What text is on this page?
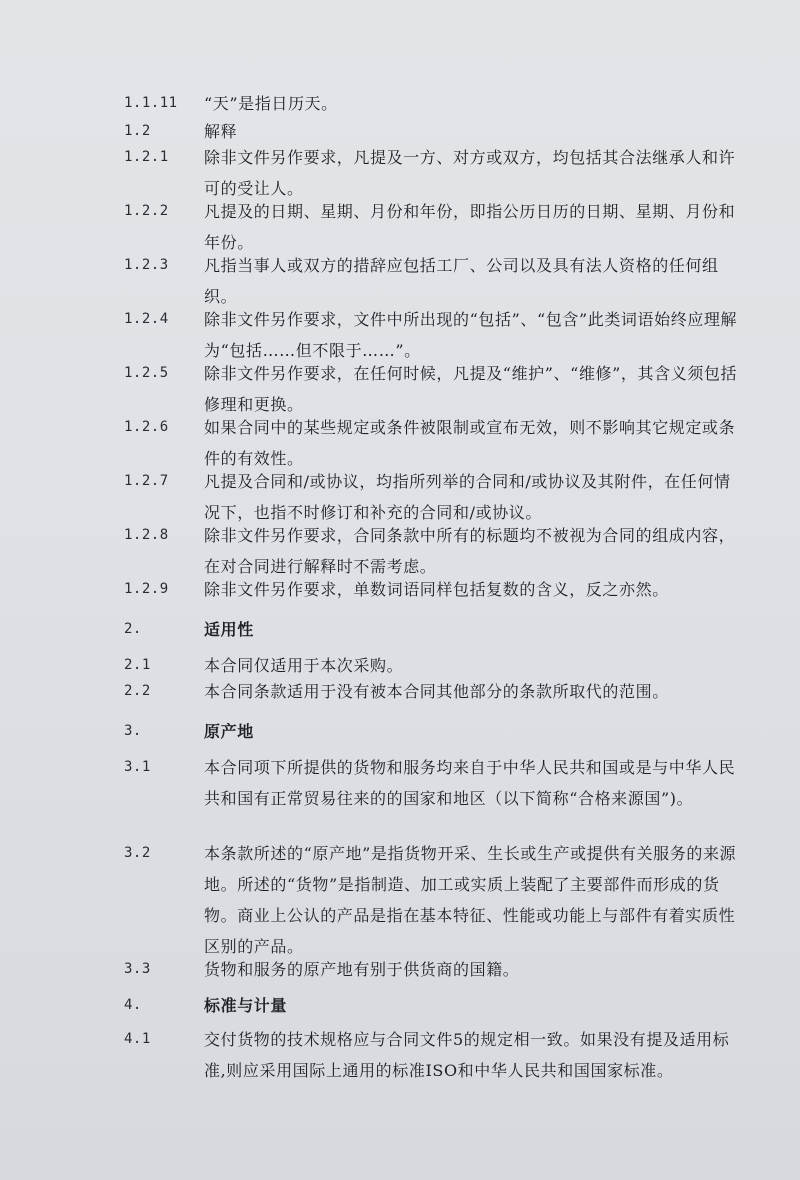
1.1.11 “天”是指日历天。
1.2	解释
1.2.1 除非文件另作要求，凡提及一方、对方或双方，均包括其合法继承人和许可的受让人。
1.2.2 凡提及的日期、星期、月份和年份，即指公历日历的日期、星期、月份和年份。
1.2.3 凡指当事人或双方的措辞应包括工厂、公司以及具有法人资格的任何组织。
1.2.4 除非文件另作要求，文件中所出现的“包括”、“包含”此类词语始终应理解为“包括……但不限于……”。
1.2.5 除非文件另作要求，在任何时候，凡提及“维护”、“维修”，其含义须包括修理和更换。
1.2.6 如果合同中的某些规定或条件被限制或宣布无效，则不影响其它规定或条件的有效性。
1.2.7 凡提及合同和/或协议，均指所列举的合同和/或协议及其附件，在任何情况下，也指不时修订和补充的合同和/或协议。
1.2.8 除非文件另作要求，合同条款中所有的标题均不被视为合同的组成内容，在对合同进行解释时不需考虑。
1.2.9 除非文件另作要求，单数词语同样包括复数的含义，反之亦然。
2.	适用性
2.1	本合同仅适用于本次采购。
2.2	本合同条款适用于没有被本合同其他部分的条款所取代的范围。
3.	原产地
3.1	本合同项下所提供的货物和服务均来自于中华人民共和国或是与中华人民共和国有正常贸易往来的的国家和地区（以下简称“合格来源国”)。
3.2	本条款所述的“原产地”是指货物开采、生长或生产或提供有关服务的来源地。所述的“货物”是指制造、加工或实质上装配了主要部件而形成的货物。商业上公认的产品是指在基本特征、性能或功能上与部件有着实质性区别的产品。
3.3	货物和服务的原产地有别于供货商的国籍。
4.	标准与计量
4.1	交付货物的技术规格应与合同文件5的规定相一致。如果没有提及适用标准,则应采用国际上通用的标准ISO和中华人民共和国国家标准。
